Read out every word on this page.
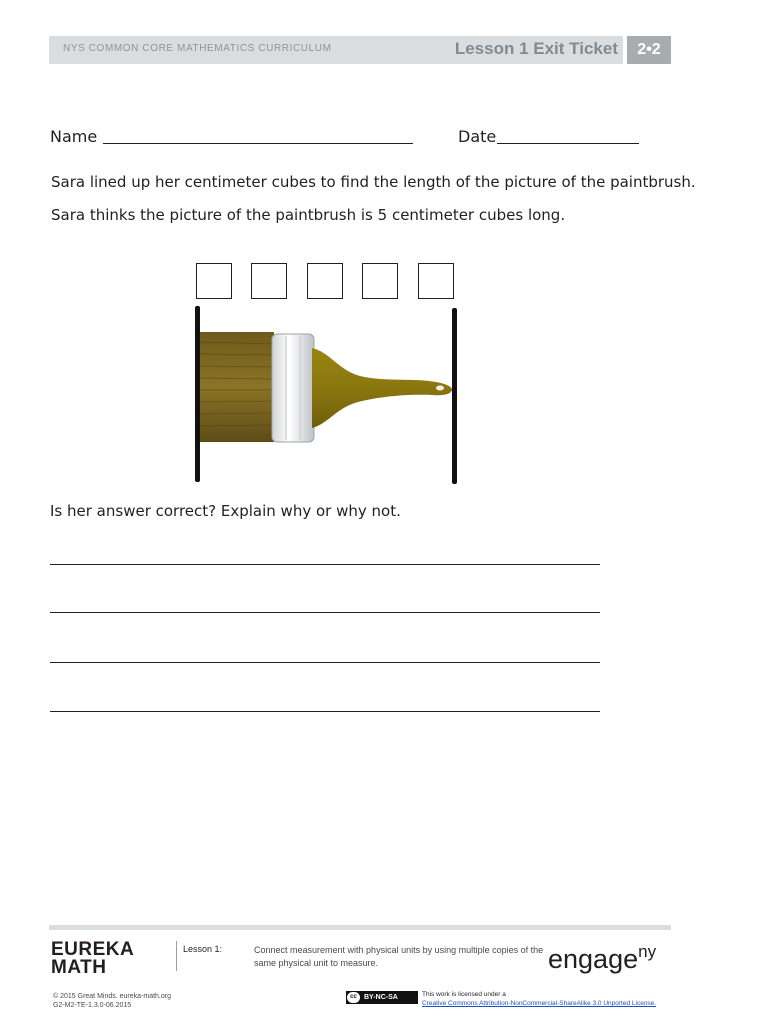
NYS COMMON CORE MATHEMATICS CURRICULUM	Lesson 1 Exit Ticket	2•2
Name	Date
Sara lined up her centimeter cubes to find the length of the picture of the paintbrush.
Sara thinks the picture of the paintbrush is 5 centimeter cubes long.
Is her answer correct? Explain why or why not.
EUREKA
MATH
Lesson 1:	Connect measurement with physical units by using multiple copies of the same physical unit to measure.	engage$^{ny}$
© 2015 Great Minds. eureka-math.org
G2-M2-TE-1.3.0-06.2015
cc	BY-NC-SA	This work is licensed under a
Creative Commons Attribution-NonCommercial-ShareAlike 3.0 Unported License.
